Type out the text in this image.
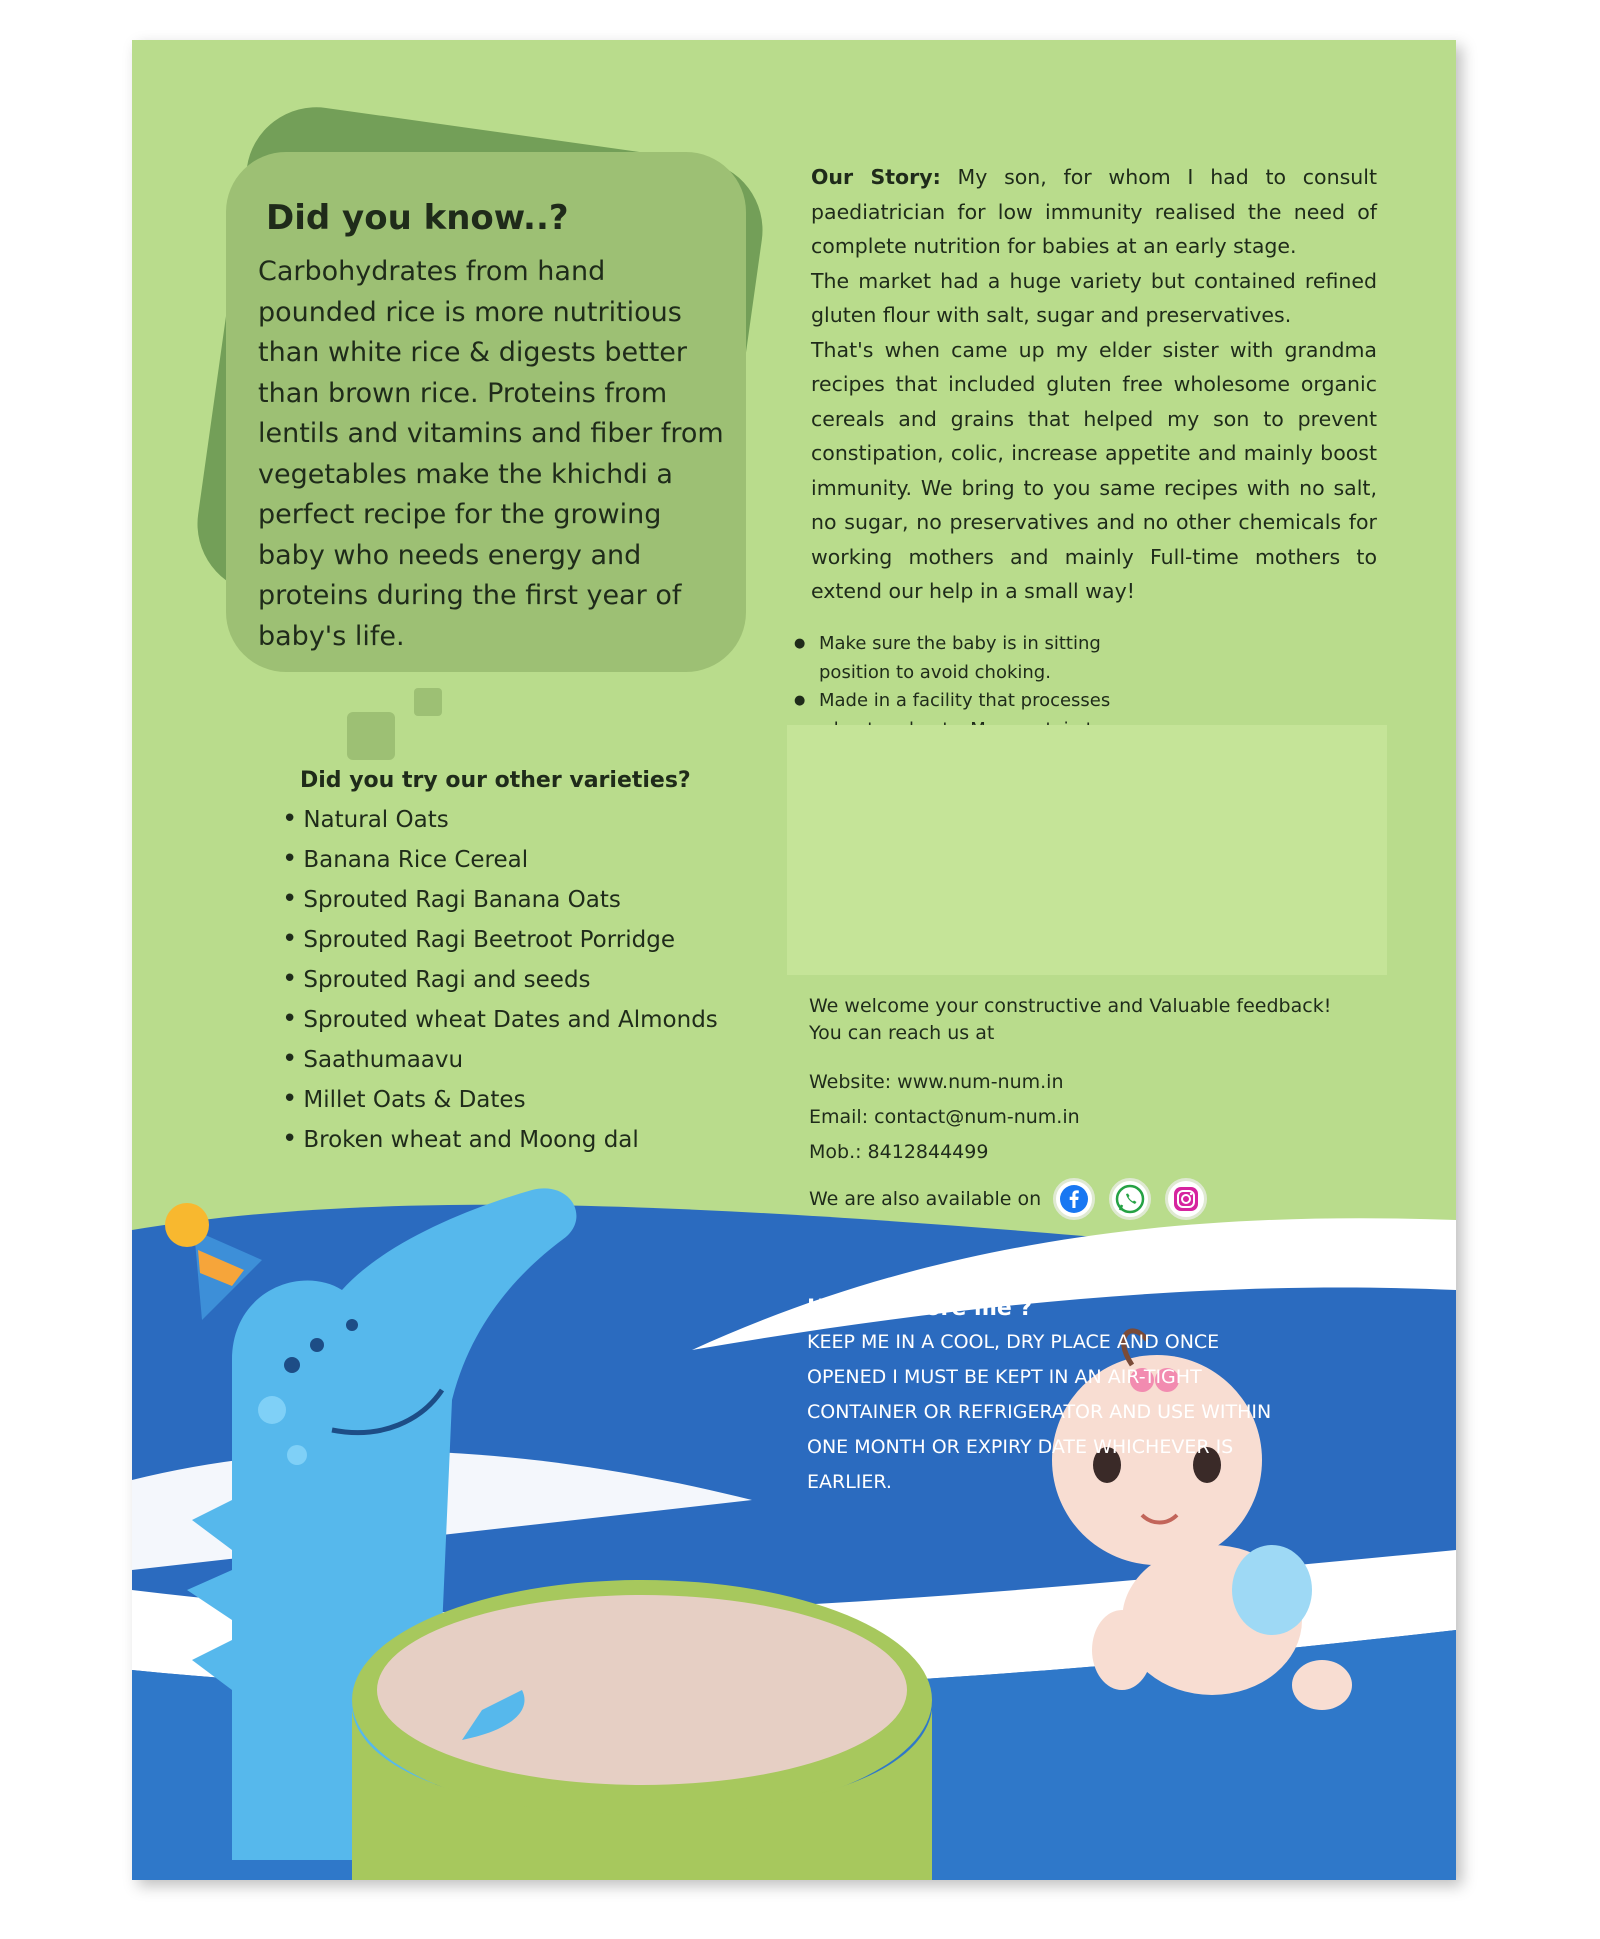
Did you know..?
Carbohydrates from hand pounded rice is more nutritious than white rice & digests better than brown rice. Proteins from lentils and vitamins and fiber from vegetables make the khichdi a perfect recipe for the growing baby who needs energy and proteins during the first year of baby's life.
Did you try our other varieties?
• Natural Oats
• Banana Rice Cereal
• Sprouted Ragi Banana Oats
• Sprouted Ragi Beetroot Porridge
• Sprouted Ragi and seeds
• Sprouted wheat Dates and Almonds
• Saathumaavu
• Millet Oats & Dates
• Broken wheat and Moong dal
Our Story: My son, for whom I had to consult paediatrician for low immunity realised the need of complete nutrition for babies at an early stage.
The market had a huge variety but contained refined gluten flour with salt, sugar and preservatives.
That's when came up my elder sister with grandma recipes that included gluten free wholesome organic cereals and grains that helped my son to prevent constipation, colic, increase appetite and mainly boost immunity. We bring to you same recipes with no salt, no sugar, no preservatives and no other chemicals for working mothers and mainly Full-time mothers to extend our help in a small way!
● Make sure the baby is in sitting position to avoid choking.
● Made in a facility that processes
We welcome your constructive and Valuable feedback!
You can reach us at
Website: www.num-num.in
Email: contact@num-num.in
Mob.: 8412844499
We are also available on
How to store me ?
KEEP ME IN A COOL, DRY PLACE AND ONCE OPENED I MUST BE KEPT IN AN AIR-TIGHT CONTAINER OR REFRIGERATOR AND USE WITHIN ONE MONTH OR EXPIRY DATE WHICHEVER IS EARLIER.
